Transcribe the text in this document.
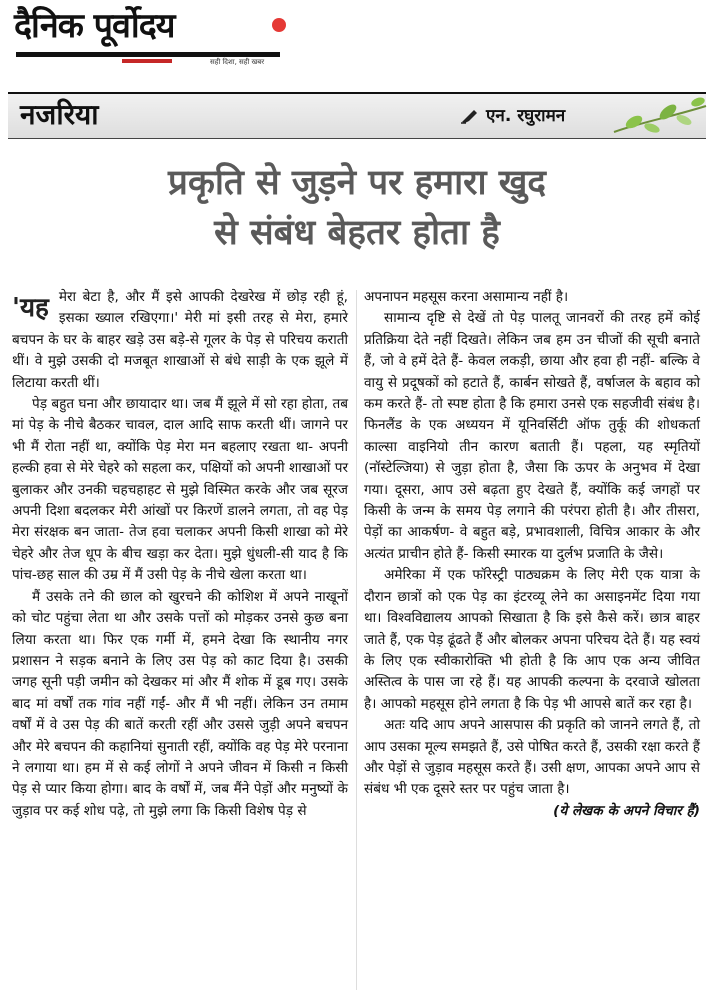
दैनिक पूर्वोदय
सही दिशा, सही खबर
नजरिया	एन. रघुरामन
प्रकृति से जुड़ने पर हमारा खुद
से संबंध बेहतर होता है

'यह मेरा बेटा है, और मैं इसे आपकी देखरेख में छोड़ रही हूं, इसका ख्याल रखिएगा।' मेरी मां इसी तरह से मेरा, हमारे बचपन के घर के बाहर खड़े उस बड़े-से गूलर के पेड़ से परिचय कराती थीं। वे मुझे उसकी दो मजबूत शाखाओं से बंधे साड़ी के एक झूले में लिटाया करती थीं।

पेड़ बहुत घना और छायादार था। जब मैं झूले में सो रहा होता, तब मां पेड़ के नीचे बैठकर चावल, दाल आदि साफ करती थीं। जागने पर भी मैं रोता नहीं था, क्योंकि पेड़ मेरा मन बहलाए रखता था- अपनी हल्की हवा से मेरे चेहरे को सहला कर, पक्षियों को अपनी शाखाओं पर बुलाकर और उनकी चहचहाहट से मुझे विस्मित करके और जब सूरज अपनी दिशा बदलकर मेरी आंखों पर किरणें डालने लगता, तो वह पेड़ मेरा संरक्षक बन जाता- तेज हवा चलाकर अपनी किसी शाखा को मेरे चेहरे और तेज धूप के बीच खड़ा कर देता। मुझे धुंधली-सी याद है कि पांच-छह साल की उम्र में मैं उसी पेड़ के नीचे खेला करता था।

मैं उसके तने की छाल को खुरचने की कोशिश में अपने नाखूनों को चोट पहुंचा लेता था और उसके पत्तों को मोड़कर उनसे कुछ बना लिया करता था। फिर एक गर्मी में, हमने देखा कि स्थानीय नगर प्रशासन ने सड़क बनाने के लिए उस पेड़ को काट दिया है। उसकी जगह सूनी पड़ी जमीन को देखकर मां और मैं शोक में डूब गए। उसके बाद मां वर्षों तक गांव नहीं गईं- और मैं भी नहीं। लेकिन उन तमाम वर्षों में वे उस पेड़ की बातें करती रहीं और उससे जुड़ी अपने बचपन और मेरे बचपन की कहानियां सुनाती रहीं, क्योंकि वह पेड़ मेरे परनाना ने लगाया था। हम में से कई लोगों ने अपने जीवन में किसी न किसी पेड़ से प्यार किया होगा। बाद के वर्षों में, जब मैंने पेड़ों और मनुष्यों के जुड़ाव पर कई शोध पढ़े, तो मुझे लगा कि किसी विशेष पेड़ से

अपनापन महसूस करना असामान्य नहीं है।

सामान्य दृष्टि से देखें तो पेड़ पालतू जानवरों की तरह हमें कोई प्रतिक्रिया देते नहीं दिखते। लेकिन जब हम उन चीजों की सूची बनाते हैं, जो वे हमें देते हैं- केवल लकड़ी, छाया और हवा ही नहीं- बल्कि वे वायु से प्रदूषकों को हटाते हैं, कार्बन सोखते हैं, वर्षाजल के बहाव को कम करते हैं- तो स्पष्ट होता है कि हमारा उनसे एक सहजीवी संबंध है। फिनलैंड के एक अध्ययन में यूनिवर्सिटी ऑफ तुर्कू की शोधकर्ता काल्सा वाइनियो तीन कारण बताती हैं। पहला, यह स्मृतियों (नॉस्टेल्जिया) से जुड़ा होता है, जैसा कि ऊपर के अनुभव में देखा गया। दूसरा, आप उसे बढ़ता हुए देखते हैं, क्योंकि कई जगहों पर किसी के जन्म के समय पेड़ लगाने की परंपरा होती है। और तीसरा, पेड़ों का आकर्षण- वे बहुत बड़े, प्रभावशाली, विचित्र आकार के और अत्यंत प्राचीन होते हैं- किसी स्मारक या दुर्लभ प्रजाति के जैसे।

अमेरिका में एक फॉरेस्ट्री पाठ्यक्रम के लिए मेरी एक यात्रा के दौरान छात्रों को एक पेड़ का इंटरव्यू लेने का असाइनमेंट दिया गया था। विश्वविद्यालय आपको सिखाता है कि इसे कैसे करें। छात्र बाहर जाते हैं, एक पेड़ ढूंढते हैं और बोलकर अपना परिचय देते हैं। यह स्वयं के लिए एक स्वीकारोक्ति भी होती है कि आप एक अन्य जीवित अस्तित्व के पास जा रहे हैं। यह आपकी कल्पना के दरवाजे खोलता है। आपको महसूस होने लगता है कि पेड़ भी आपसे बातें कर रहा है।

अतः यदि आप अपने आसपास की प्रकृति को जानने लगते हैं, तो आप उसका मूल्य समझते हैं, उसे पोषित करते हैं, उसकी रक्षा करते हैं और पेड़ों से जुड़ाव महसूस करते हैं। उसी क्षण, आपका अपने आप से संबंध भी एक दूसरे स्तर पर पहुंच जाता है।

(ये लेखक के अपने विचार हैं)
